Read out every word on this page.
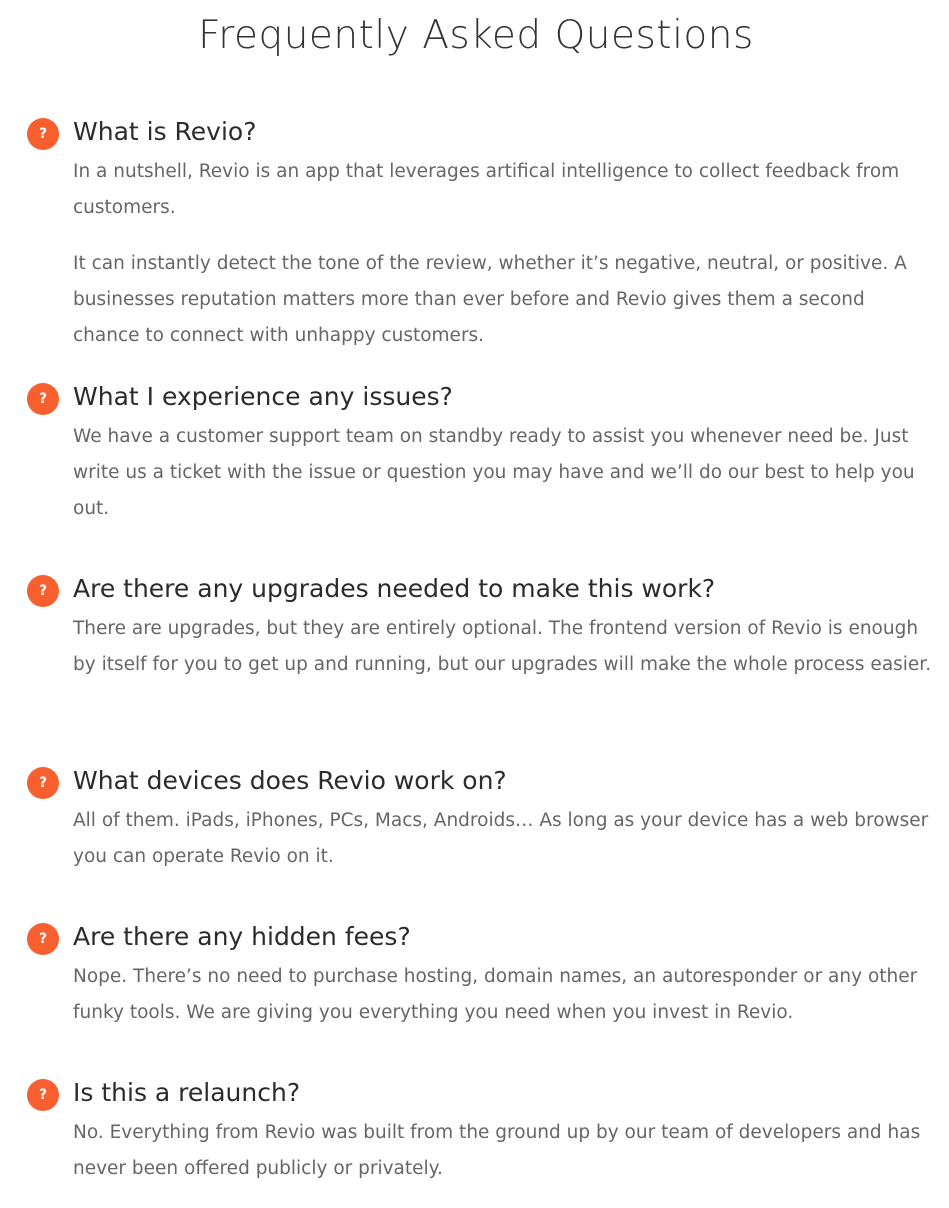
Frequently Asked Questions
?	What is Revio?

In a nutshell, Revio is an app that leverages artifical intelligence to collect feedback from customers.

It can instantly detect the tone of the review, whether it’s negative, neutral, or positive. A businesses reputation matters more than ever before and Revio gives them a second chance to connect with unhappy customers.

?	What I experience any issues?

We have a customer support team on standby ready to assist you whenever need be. Just write us a ticket with the issue or question you may have and we’ll do our best to help you out.

?	Are there any upgrades needed to make this work?

There are upgrades, but they are entirely optional. The frontend version of Revio is enough by itself for you to get up and running, but our upgrades will make the whole process easier.

?	What devices does Revio work on?

All of them. iPads, iPhones, PCs, Macs, Androids… As long as your device has a web browser you can operate Revio on it.

?	Are there any hidden fees?

Nope. There’s no need to purchase hosting, domain names, an autoresponder or any other funky tools. We are giving you everything you need when you invest in Revio.

?	Is this a relaunch?

No. Everything from Revio was built from the ground up by our team of developers and has never been offered publicly or privately.
